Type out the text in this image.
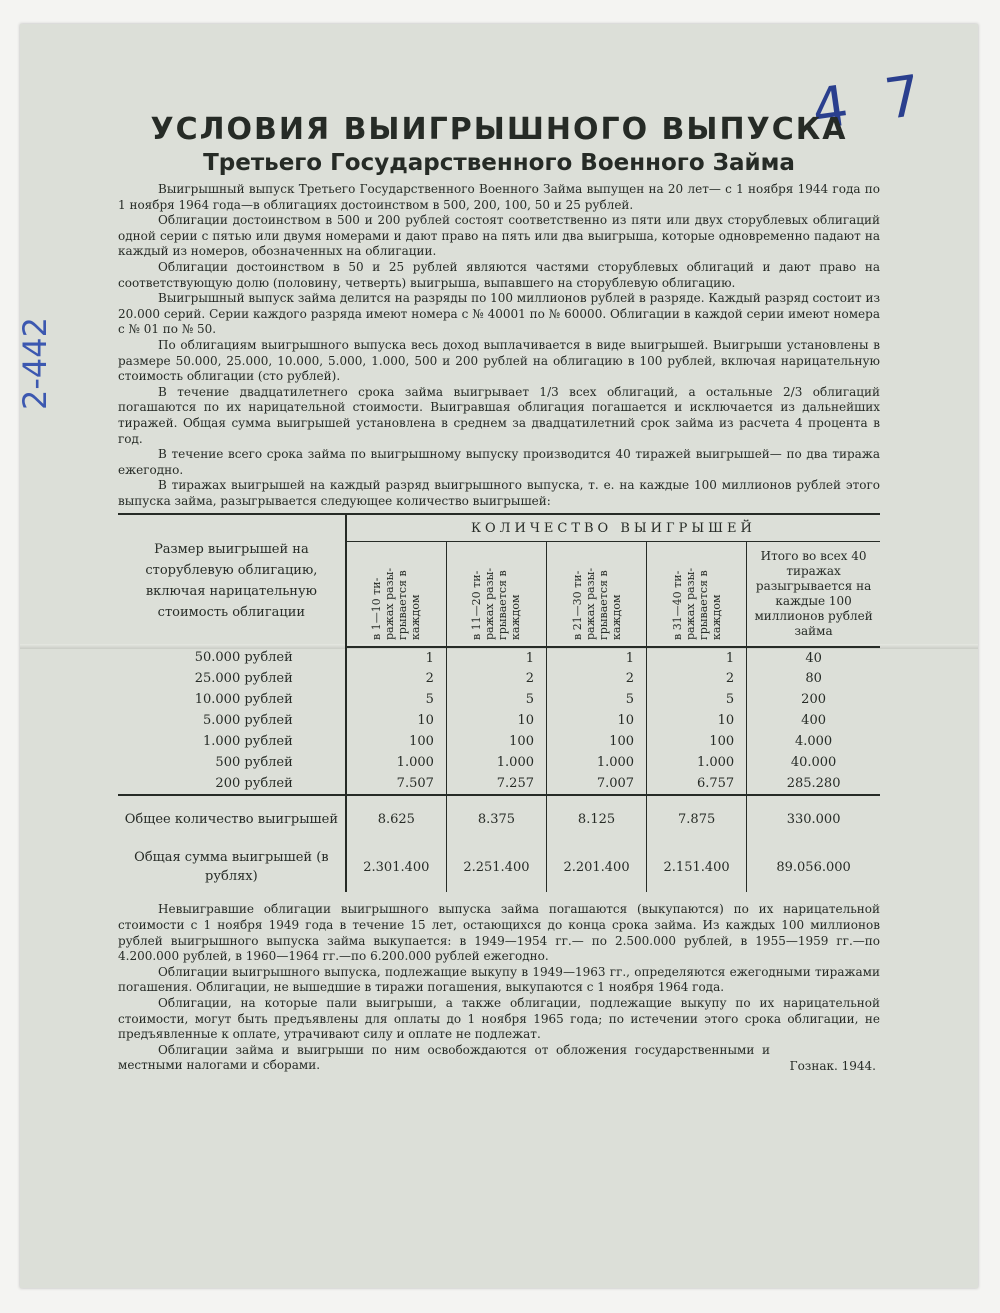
4 7
2-442
УСЛОВИЯ ВЫИГРЫШНОГО ВЫПУСКА
Третьего Государственного Военного Займа

Выигрышный выпуск Третьего Государственного Военного Займа выпущен на 20 лет— с 1 ноября 1944 года по 1 ноября 1964 года—в облигациях достоинством в 500, 200, 100, 50 и 25 рублей.

Облигации достоинством в 500 и 200 рублей состоят соответственно из пяти или двух сторублевых облигаций одной серии с пятью или двумя номерами и дают право на пять или два выигрыша, которые одновременно падают на каждый из номеров, обозначенных на облигации.

Облигации достоинством в 50 и 25 рублей являются частями сторублевых облигаций и дают право на соответствующую долю (половину, четверть) выигрыша, выпавшего на сторублевую облигацию.

Выигрышный выпуск займа делится на разряды по 100 миллионов рублей в разряде. Каждый разряд состоит из 20.000 серий. Серии каждого разряда имеют номера с № 40001 по № 60000. Облигации в каждой серии имеют номера с № 01 по № 50.

По облигациям выигрышного выпуска весь доход выплачивается в виде выигрышей. Выигрыши установлены в размере 50.000, 25.000, 10.000, 5.000, 1.000, 500 и 200 рублей на облигацию в 100 рублей, включая нарицательную стоимость облигации (сто рублей).

В течение двадцатилетнего срока займа выигрывает 1/3 всех облигаций, а остальные 2/3 облигаций погашаются по их нарицательной стоимости. Выигравшая облигация погашается и исключается из дальнейших тиражей. Общая сумма выигрышей установлена в среднем за двадцатилетний срок займа из расчета 4 процента в год.

В течение всего срока займа по выигрышному выпуску производится 40 тиражей выигрышей— по два тиража ежегодно.

В тиражах выигрышей на каждый разряд выигрышного выпуска, т. е. на каждые 100 миллионов рублей этого выпуска займа, разыгрывается следующее количество выигрышей:

Размер выигрышей на сторублевую облигацию, включая нарицательную стоимость облигации	КОЛИЧЕСТВО ВЫИГРЫШЕЙ				
	в 1—10 ти- ражах разы- грывается в каждом	в 11—20 ти- ражах разы- грывается в каждом	в 21—30 ти- ражах разы- грывается в каждом	в 31—40 ти- ражах разы- грывается в каждом	Итого во всех 40 тиражах разыгрывается на каждые 100 миллионов рублей займа
50.000 рублей	1	1	1	1	40
25.000 рублей	2	2	2	2	80
10.000 рублей	5	5	5	5	200
5.000 рублей	10	10	10	10	400
1.000 рублей	100	100	100	100	4.000
500 рублей	1.000	1.000	1.000	1.000	40.000
200 рублей	7.507	7.257	7.007	6.757	285.280
Общее количество выигрышей	8.625	8.375	8.125	7.875	330.000
Общая сумма выигрышей (в рублях)	2.301.400	2.251.400	2.201.400	2.151.400	89.056.000

Невыигравшие облигации выигрышного выпуска займа погашаются (выкупаются) по их нарицательной стоимости с 1 ноября 1949 года в течение 15 лет, остающихся до конца срока займа. Из каждых 100 миллионов рублей выигрышного выпуска займа выкупается: в 1949—1954 гг.— по 2.500.000 рублей, в 1955—1959 гг.—по 4.200.000 рублей, в 1960—1964 гг.—по 6.200.000 рублей ежегодно.

Облигации выигрышного выпуска, подлежащие выкупу в 1949—1963 гг., определяются ежегодными тиражами погашения. Облигации, не вышедшие в тиражи погашения, выкупаются с 1 ноября 1964 года.

Облигации, на которые пали выигрыши, а также облигации, подлежащие выкупу по их нарицательной стоимости, могут быть предъявлены для оплаты до 1 ноября 1965 года; по истечении этого срока облигации, не предъявленные к оплате, утрачивают силу и оплате не подлежат.

Облигации займа и выигрыши по ним освобождаются от обложения государственными и местными налогами и сборами.	Гознак. 1944.
